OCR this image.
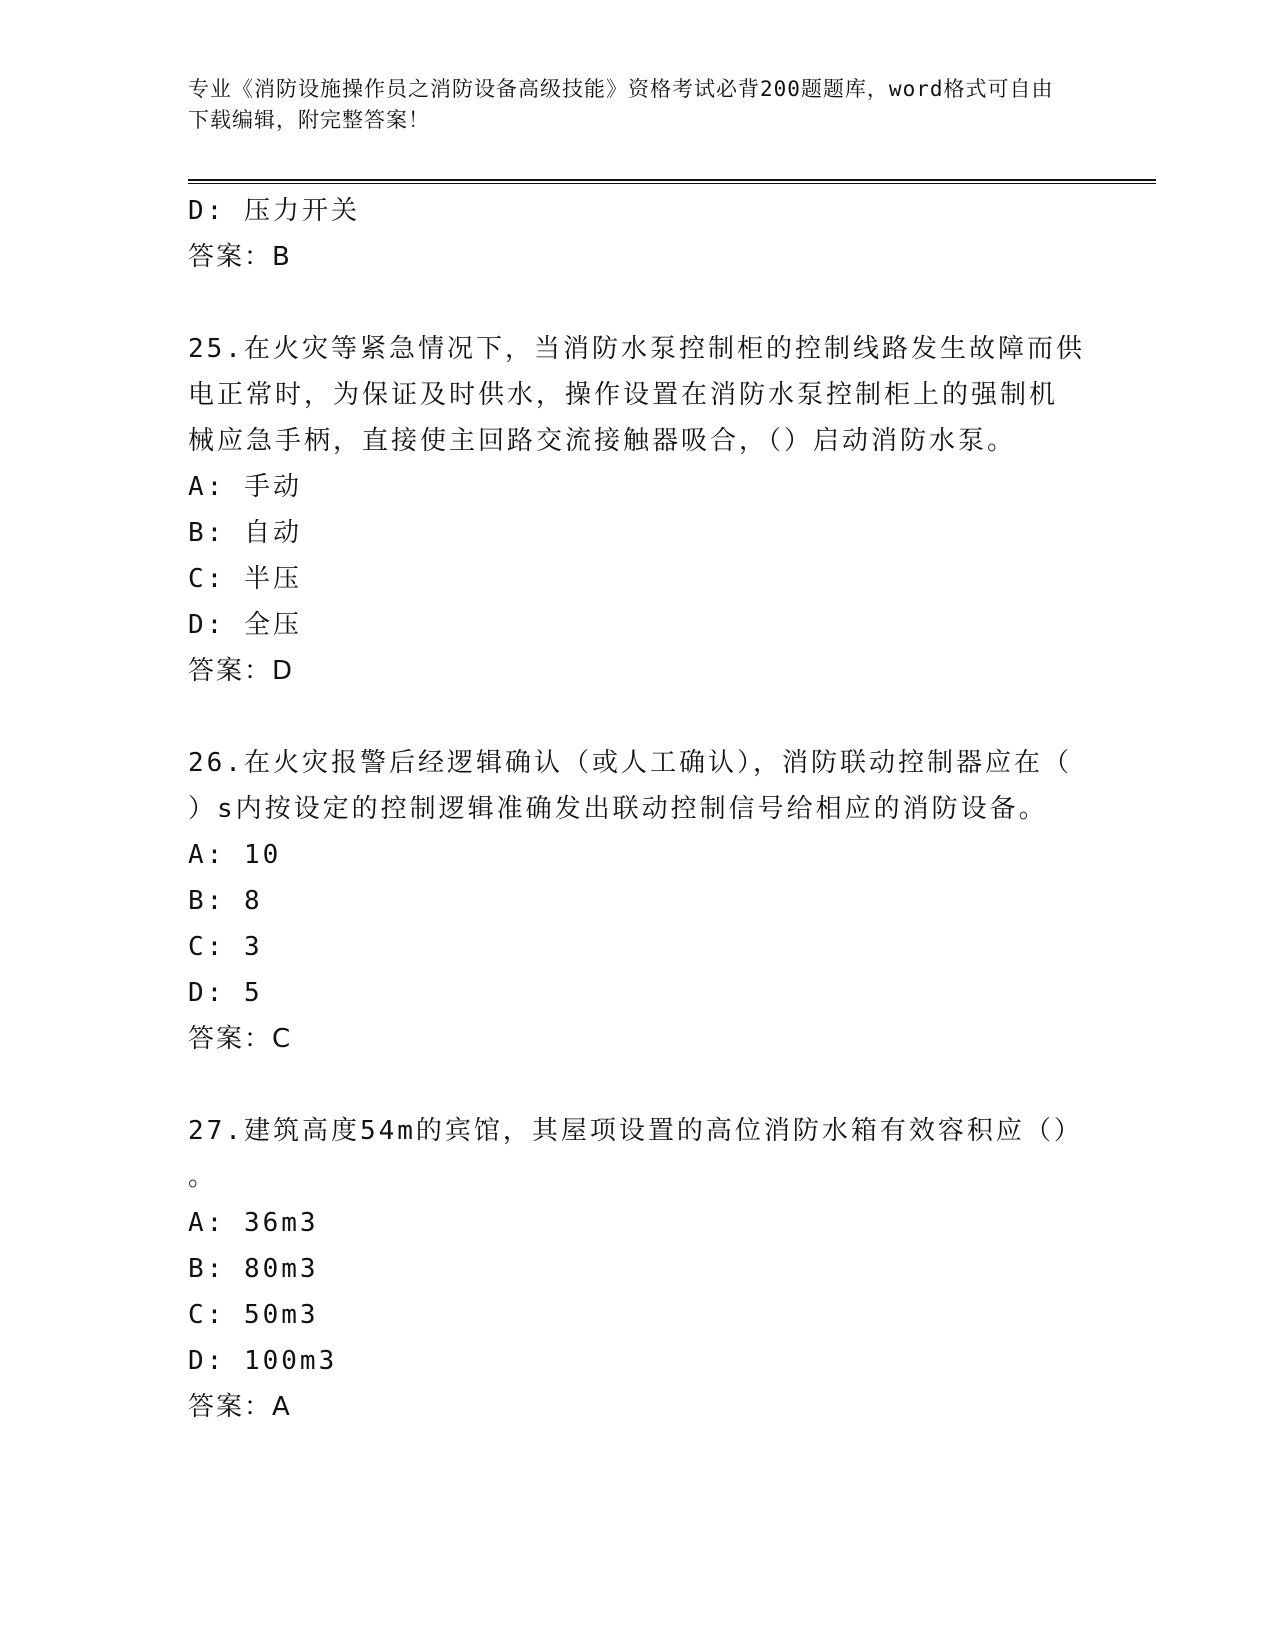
专业《消防设施操作员之消防设备高级技能》资格考试必背200题题库，word格式可自由下载编辑，附完整答案！
D: 压力开关
答案：B
25.在火灾等紧急情况下，当消防水泵控制柜的控制线路发生故障而供
电正常时，为保证及时供水，操作设置在消防水泵控制柜上的强制机
械应急手柄，直接使主回路交流接触器吸合，（）启动消防水泵。
A: 手动
B: 自动
C: 半压
D: 全压
答案：D
26.在火灾报警后经逻辑确认（或人工确认），消防联动控制器应在（
）s内按设定的控制逻辑准确发出联动控制信号给相应的消防设备。
A: 10
B: 8
C: 3
D: 5
答案：C
27.建筑高度54m的宾馆，其屋项设置的高位消防水箱有效容积应（）
。
A: 36m3
B: 80m3
C: 50m3
D: 100m3
答案：A
